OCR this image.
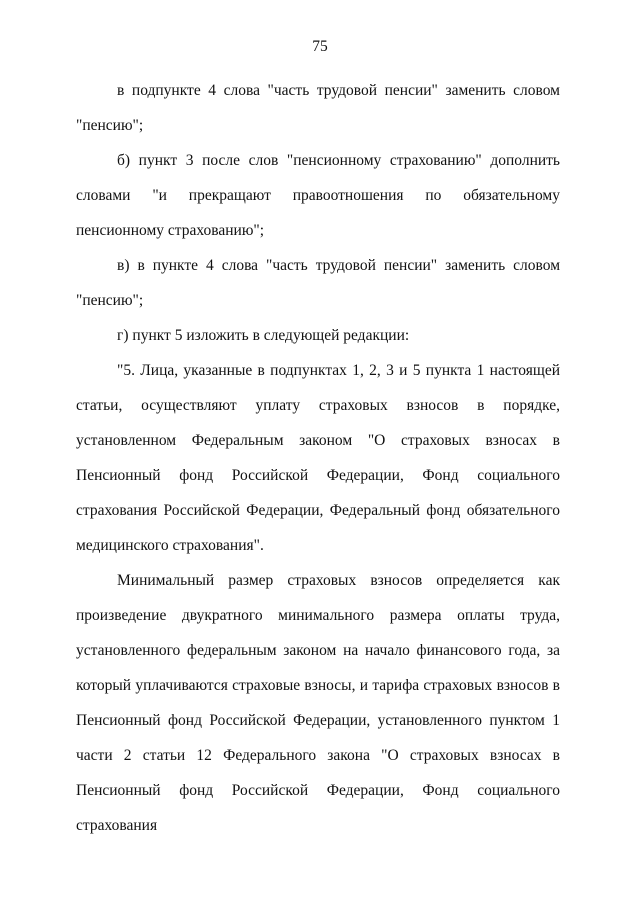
75

в подпункте 4 слова "часть трудовой пенсии" заменить словом "пенсию";

б) пункт 3 после слов "пенсионному страхованию" дополнить словами "и прекращают правоотношения по обязательному пенсионному страхованию";

в) в пункте 4 слова "часть трудовой пенсии" заменить словом "пенсию";

г) пункт 5 изложить в следующей редакции:

"5. Лица, указанные в подпунктах 1, 2, 3 и 5 пункта 1 настоящей статьи, осуществляют уплату страховых взносов в порядке, установленном Федеральным законом "О страховых взносах в Пенсионный фонд Российской Федерации, Фонд социального страхования Российской Федерации, Федеральный фонд обязательного медицинского страхования".

Минимальный размер страховых взносов определяется как произведение двукратного минимального размера оплаты труда, установленного федеральным законом на начало финансового года, за который уплачиваются страховые взносы, и тарифа страховых взносов в Пенсионный фонд Российской Федерации, установленного пунктом 1 части 2 статьи 12 Федерального закона "О страховых взносах в Пенсионный фонд Российской Федерации, Фонд социального страхования
